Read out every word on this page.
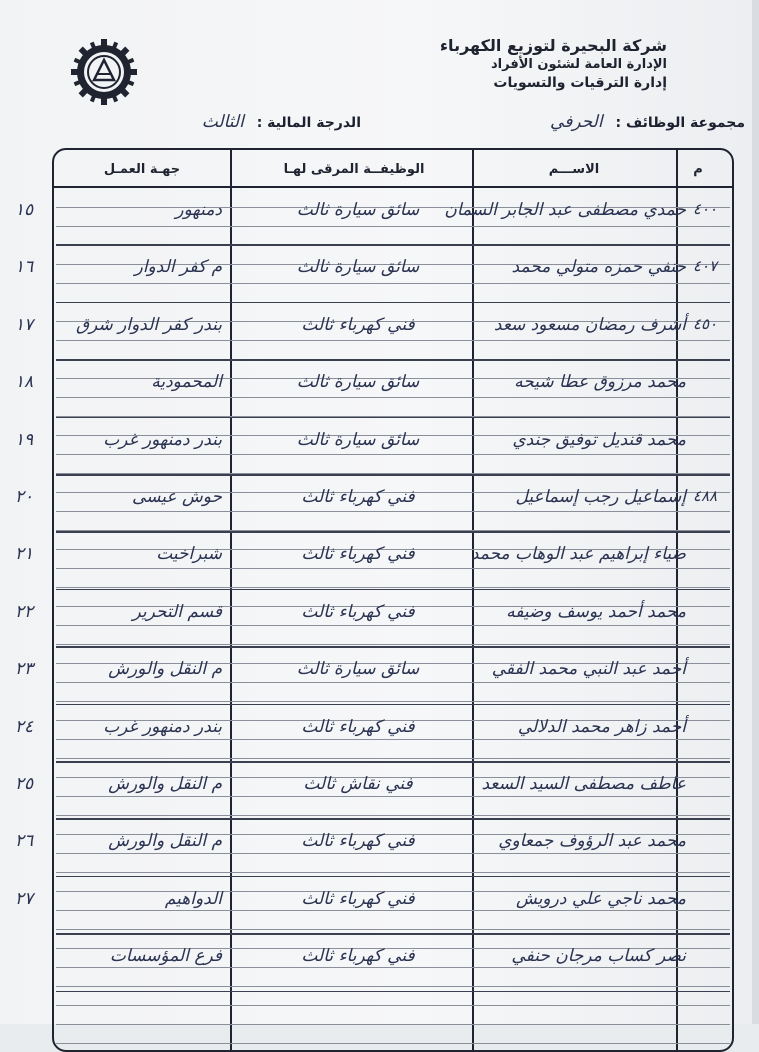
شركة البحيرة لتوزيع الكهرباء
الإدارة العامة لشئون الأفراد
إدارة الترقيات والتسويات
مجموعة الوظائف : الحرفي
الدرجة المالية : الثالث
م
الاســـم
الوظيفــة المرقى لهـا
جهـة العمـل
٤٠٠
حمدي مصطفى عبد الجابر السمان
سائق سيارة ثالث
دمنهور
٤٠٧
حنفي حمزه متولي محمد
سائق سيارة ثالث
م كفر الدوار
٤٥٠
أشرف رمضان مسعود سعد
فني كهرباء ثالث
بندر كفر الدوار شرق
محمد مرزوق عطا شيحه
سائق سيارة ثالث
المحمودية
محمد قنديل توفيق جندي
سائق سيارة ثالث
بندر دمنهور غرب
٤٨٨
إسماعيل رجب إسماعيل
فني كهرباء ثالث
حوش عيسى
ضياء إبراهيم عبد الوهاب محمد
فني كهرباء ثالث
شبراخيت
محمد أحمد يوسف وضيفه
فني كهرباء ثالث
قسم التحرير
أحمد عبد النبي محمد الفقي
سائق سيارة ثالث
م النقل والورش
أحمد زاهر محمد الدلالي
فني كهرباء ثالث
بندر دمنهور غرب
عاطف مصطفى السيد السعد
فني نقاش ثالث
م النقل والورش
محمد عبد الرؤوف جمعاوي
فني كهرباء ثالث
م النقل والورش
محمد ناجي علي درويش
فني كهرباء ثالث
الدواهيم
نصر كساب مرجان حنفي
فني كهرباء ثالث
فرع المؤسسات
١٥
١٦
١٧
١٨
١٩
٢٠
٢١
٢٢
٢٣
٢٤
٢٥
٢٦
٢٧
